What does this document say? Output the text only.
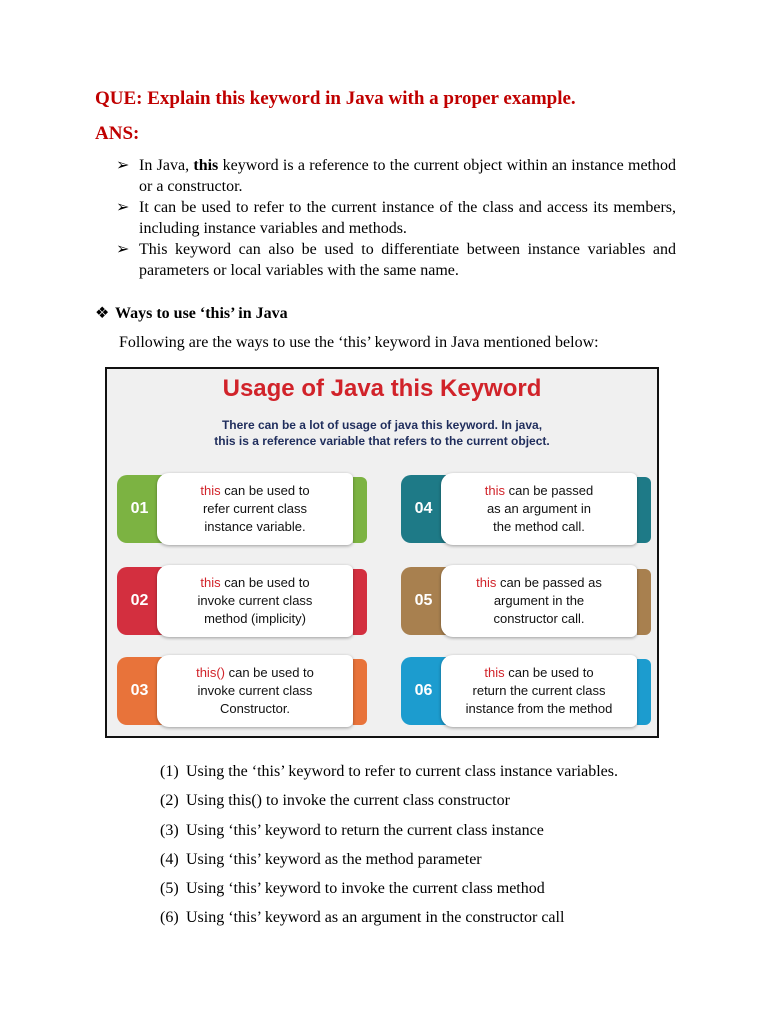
QUE: Explain this keyword in Java with a proper example.
ANS:
➢ In Java, this keyword is a reference to the current object within an instance method or a constructor.
➢ It can be used to refer to the current instance of the class and access its members, including instance variables and methods.
➢ This keyword can also be used to differentiate between instance variables and parameters or local variables with the same name.
❖ Ways to use ‘this’ in Java
Following are the ways to use the ‘this’ keyword in Java mentioned below:
Usage of Java this Keyword
There can be a lot of usage of java this keyword. In java,
this is a reference variable that refers to the current object.
01
this can be used to
refer current class
instance variable.
02
this can be used to
invoke current class
method (implicity)
03
this() can be used to
invoke current class
Constructor.
04
this can be passed
as an argument in
the method call.
05
this can be passed as
argument in the
constructor call.
06
this can be used to
return the current class
instance from the method
(1) Using the ‘this’ keyword to refer to current class instance variables.
(2) Using this() to invoke the current class constructor
(3) Using ‘this’ keyword to return the current class instance
(4) Using ‘this’ keyword as the method parameter
(5) Using ‘this’ keyword to invoke the current class method
(6) Using ‘this’ keyword as an argument in the constructor call
